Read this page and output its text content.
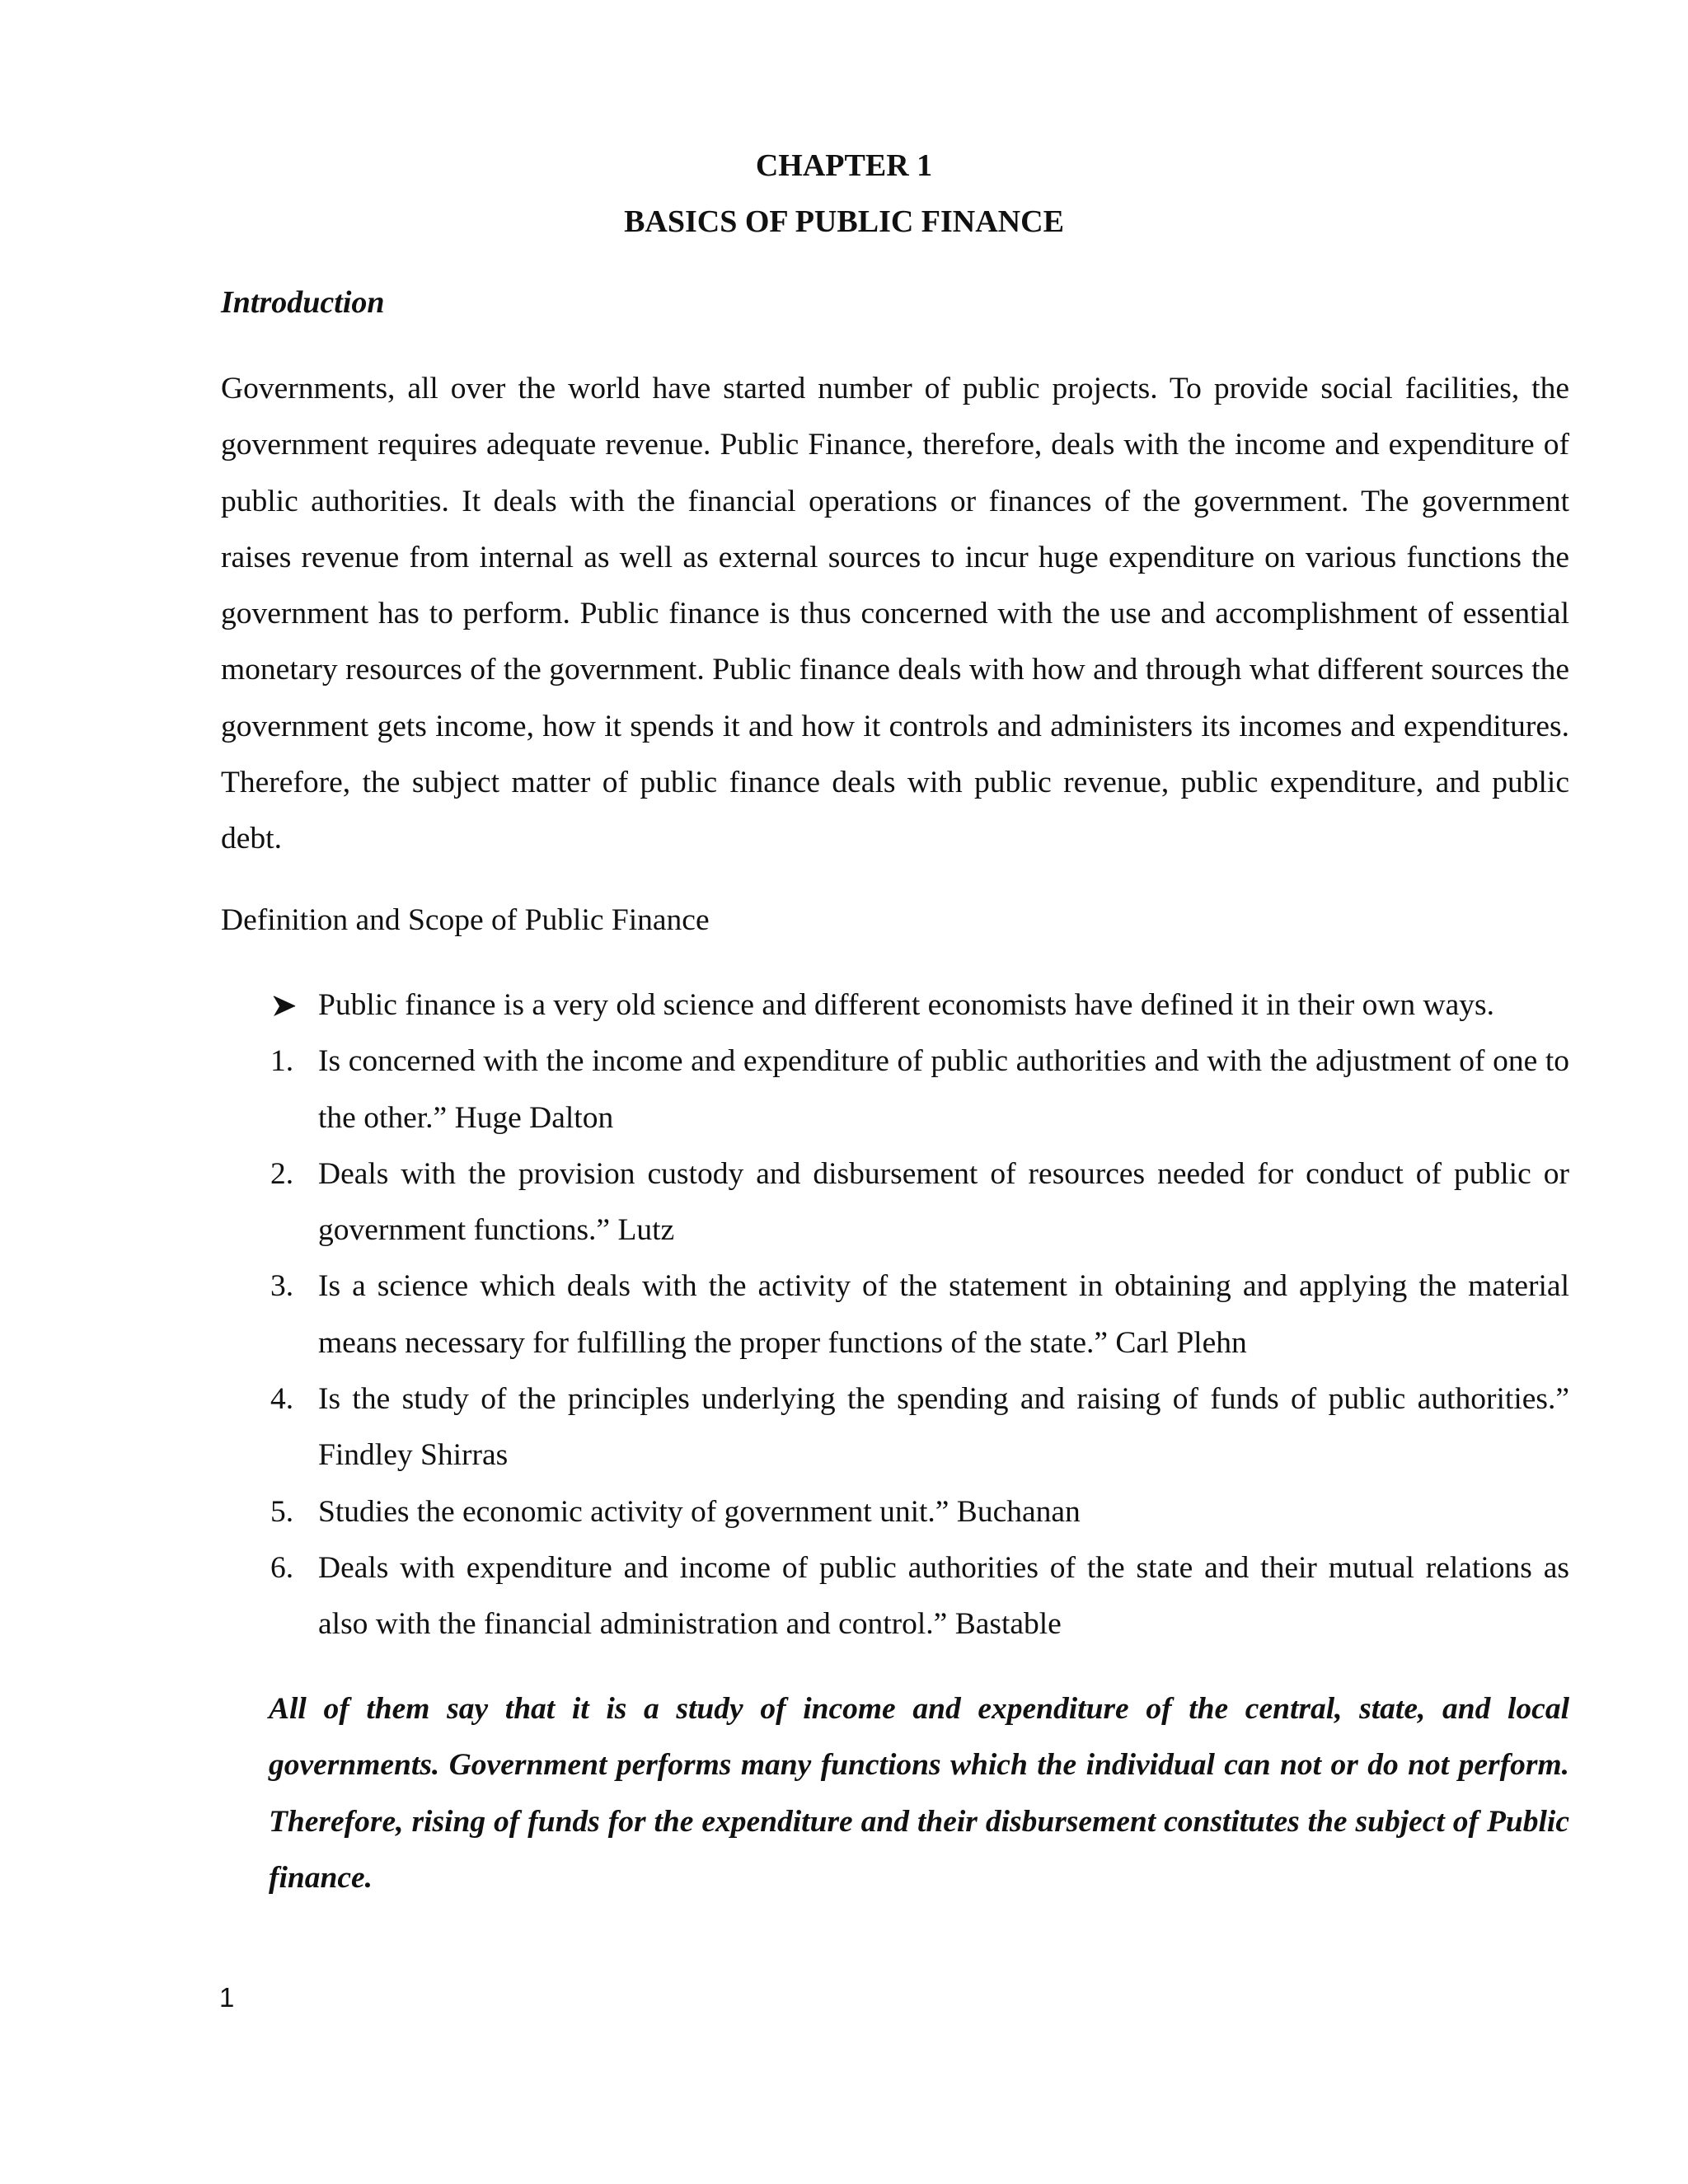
CHAPTER 1
BASICS OF PUBLIC FINANCE
Introduction
Governments, all over the world have started number of public projects. To provide social facilities, the government requires adequate revenue. Public Finance, therefore, deals with the income and expenditure of public authorities. It deals with the financial operations or finances of the government. The government raises revenue from internal as well as external sources to incur huge expenditure on various functions the government has to perform. Public finance is thus concerned with the use and accomplishment of essential monetary resources of the government. Public finance deals with how and through what different sources the government gets income, how it spends it and how it controls and administers its incomes and expenditures. Therefore, the subject matter of public finance deals with public revenue, public expenditure, and public debt.
Definition and Scope of Public Finance
Public finance is a very old science and different economists have defined it in their own ways.
1. Is concerned with the income and expenditure of public authorities and with the adjustment of one to the other.” Huge Dalton
2. Deals with the provision custody and disbursement of resources needed for conduct of public or government functions.” Lutz
3. Is a science which deals with the activity of the statement in obtaining and applying the material means necessary for fulfilling the proper functions of the state.” Carl Plehn
4. Is the study of the principles underlying the spending and raising of funds of public authorities.” Findley Shirras
5. Studies the economic activity of government unit.” Buchanan
6. Deals with expenditure and income of public authorities of the state and their mutual relations as also with the financial administration and control.” Bastable
All of them say that it is a study of income and expenditure of the central, state, and local governments. Government performs many functions which the individual can not or do not perform. Therefore, rising of funds for the expenditure and their disbursement constitutes the subject of Public finance.
1
